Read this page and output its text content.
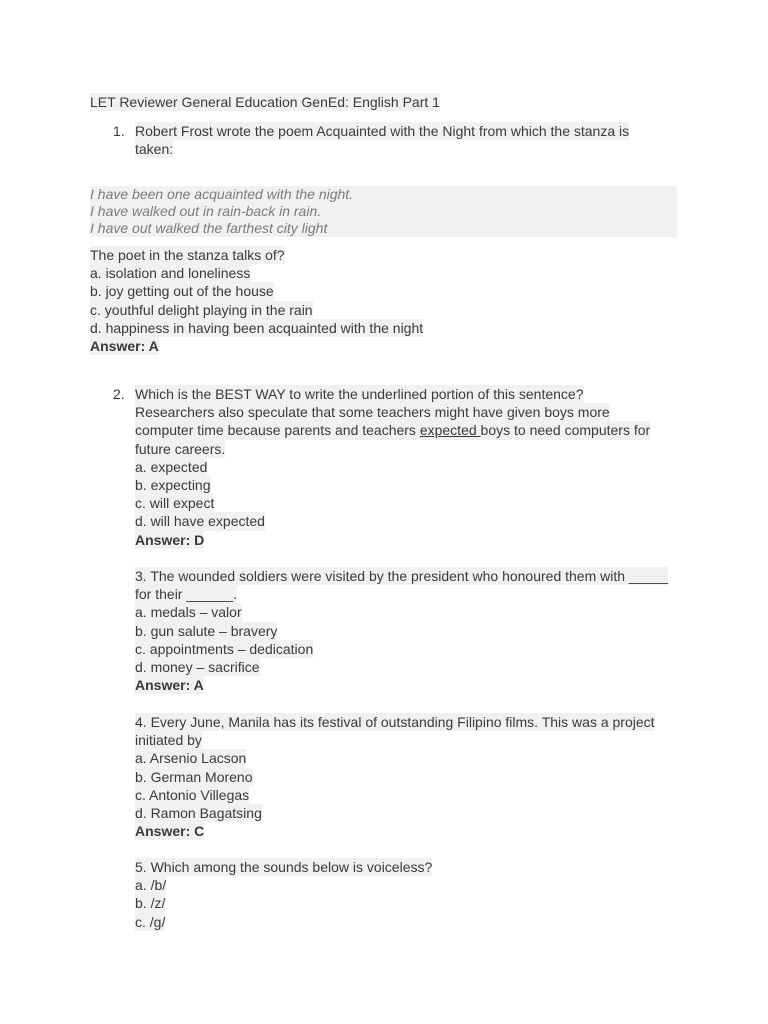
LET Reviewer General Education GenEd: English Part 1
1. Robert Frost wrote the poem Acquainted with the Night from which the stanza is
taken:
I have been one acquainted with the night.
I have walked out in rain-back in rain.
I have out walked the farthest city light
The poet in the stanza talks of?
a. isolation and loneliness
b. joy getting out of the house
c. youthful delight playing in the rain
d. happiness in having been acquainted with the night
Answer: A
2. Which is the BEST WAY to write the underlined portion of this sentence?
Researchers also speculate that some teachers might have given boys more
computer time because parents and teachers expected boys to need computers for
future careers.
a. expected
b. expecting
c. will expect
d. will have expected
Answer: D
3. The wounded soldiers were visited by the president who honoured them with _____
for their ______.
a. medals – valor
b. gun salute – bravery
c. appointments – dedication
d. money – sacrifice
Answer: A
4. Every June, Manila has its festival of outstanding Filipino films. This was a project
initiated by
a. Arsenio Lacson
b. German Moreno
c. Antonio Villegas
d. Ramon Bagatsing
Answer: C
5. Which among the sounds below is voiceless?
a. /b/
b. /z/
c. /g/
